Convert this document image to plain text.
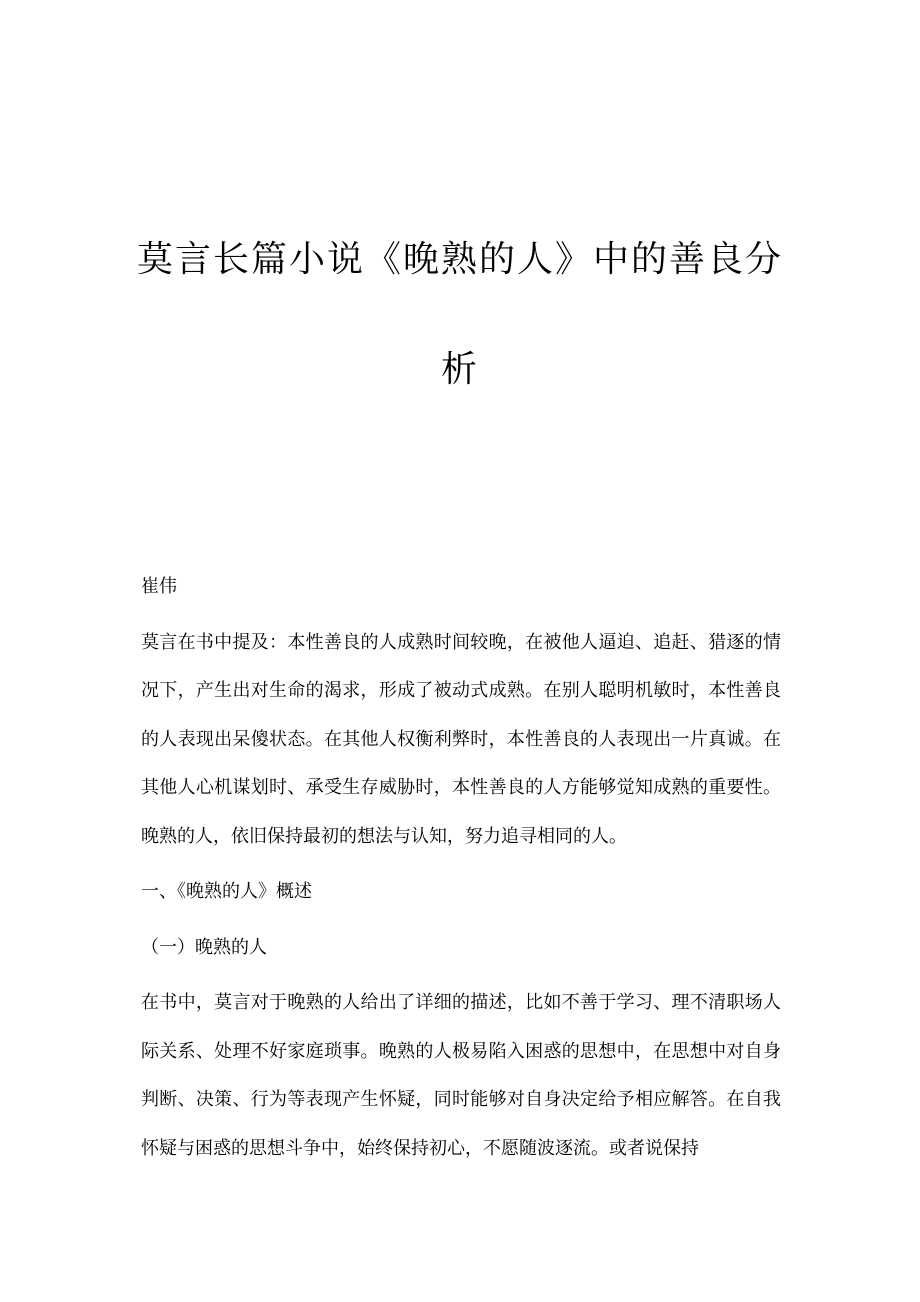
莫言长篇小说《晚熟的人》中的善良分
析

崔伟

莫言在书中提及：本性善良的人成熟时间较晚，在被他人逼迫、追赶、猎逐的情况下，产生出对生命的渴求，形成了被动式成熟。在别人聪明机敏时，本性善良的人表现出呆傻状态。在其他人权衡利弊时，本性善良的人表现出一片真诚。在其他人心机谋划时、承受生存威胁时，本性善良的人方能够觉知成熟的重要性。晚熟的人，依旧保持最初的想法与认知，努力追寻相同的人。

一、《晚熟的人》概述

（一）晚熟的人

在书中，莫言对于晚熟的人给出了详细的描述，比如不善于学习、理不清职场人际关系、处理不好家庭琐事。晚熟的人极易陷入困惑的思想中，在思想中对自身判断、决策、行为等表现产生怀疑，同时能够对自身决定给予相应解答。在自我怀疑与困惑的思想斗争中，始终保持初心，不愿随波逐流。或者说保持
